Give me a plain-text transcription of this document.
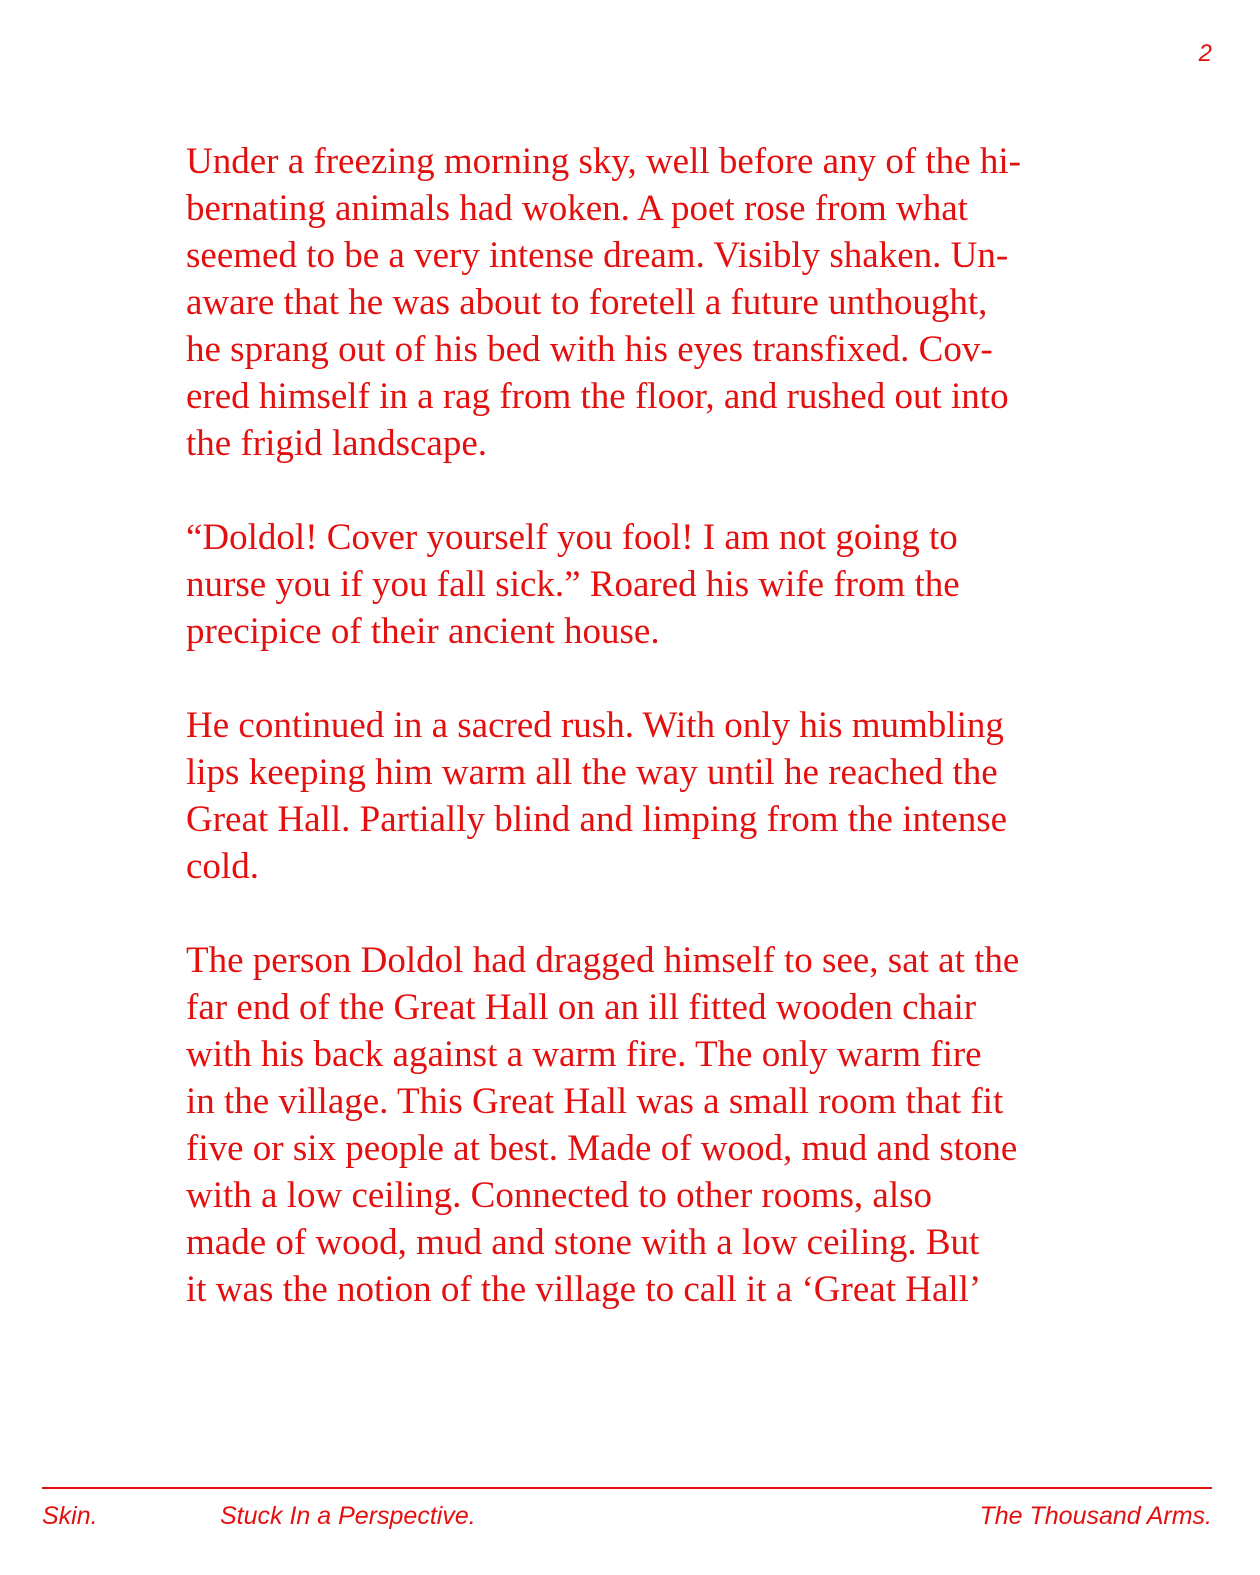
2

Under a freezing morning sky, well before any of the hi-
bernating animals had woken. A poet rose from what
seemed to be a very intense dream. Visibly shaken. Un-
aware that he was about to foretell a future unthought,
he sprang out of his bed with his eyes transfixed. Cov-
ered himself in a rag from the floor, and rushed out into
the frigid landscape.

“Doldol! Cover yourself you fool! I am not going to
nurse you if you fall sick.” Roared his wife from the
precipice of their ancient house.

He continued in a sacred rush. With only his mumbling
lips keeping him warm all the way until he reached the
Great Hall. Partially blind and limping from the intense
cold.

The person Doldol had dragged himself to see, sat at the
far end of the Great Hall on an ill fitted wooden chair
with his back against a warm fire. The only warm fire
in the village. This Great Hall was a small room that fit
five or six people at best. Made of wood, mud and stone
with a low ceiling. Connected to other rooms, also
made of wood, mud and stone with a low ceiling. But
it was the notion of the village to call it a ‘Great Hall’

Skin.	Stuck In a Perspective.	The Thousand Arms.
